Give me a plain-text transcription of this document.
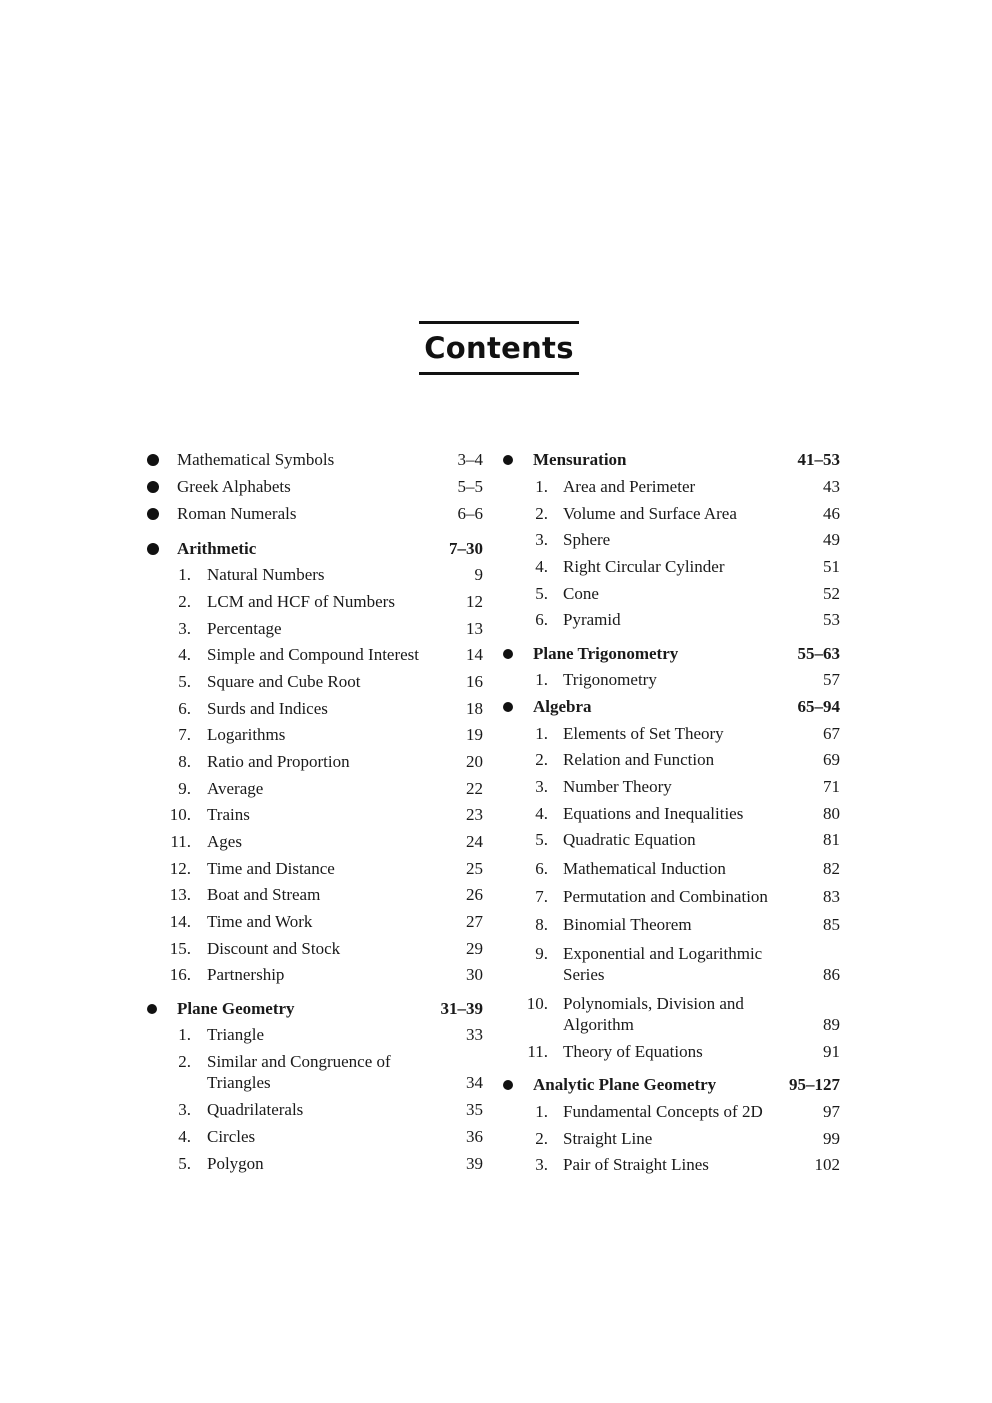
Contents
Mathematical Symbols	3–4
Greek Alphabets	5–5
Roman Numerals	6–6
Arithmetic	7–30
1. Natural Numbers	9
2. LCM and HCF of Numbers	12
3. Percentage	13
4. Simple and Compound Interest	14
5. Square and Cube Root	16
6. Surds and Indices	18
7. Logarithms	19
8. Ratio and Proportion	20
9. Average	22
10. Trains	23
11. Ages	24
12. Time and Distance	25
13. Boat and Stream	26
14. Time and Work	27
15. Discount and Stock	29
16. Partnership	30
Plane Geometry	31–39
1. Triangle	33
2. Similar and Congruence of
Triangles	34
3. Quadrilaterals	35
4. Circles	36
5. Polygon	39
Mensuration	41–53
1. Area and Perimeter	43
2. Volume and Surface Area	46
3. Sphere	49
4. Right Circular Cylinder	51
5. Cone	52
6. Pyramid	53
Plane Trigonometry	55–63
1. Trigonometry	57
Algebra	65–94
1. Elements of Set Theory	67
2. Relation and Function	69
3. Number Theory	71
4. Equations and Inequalities	80
5. Quadratic Equation	81
6. Mathematical Induction	82
7. Permutation and Combination	83
8. Binomial Theorem	85
9. Exponential and Logarithmic
Series	86
10. Polynomials, Division and
Algorithm	89
11. Theory of Equations	91
Analytic Plane Geometry	95–127
1. Fundamental Concepts of 2D	97
2. Straight Line	99
3. Pair of Straight Lines	102
